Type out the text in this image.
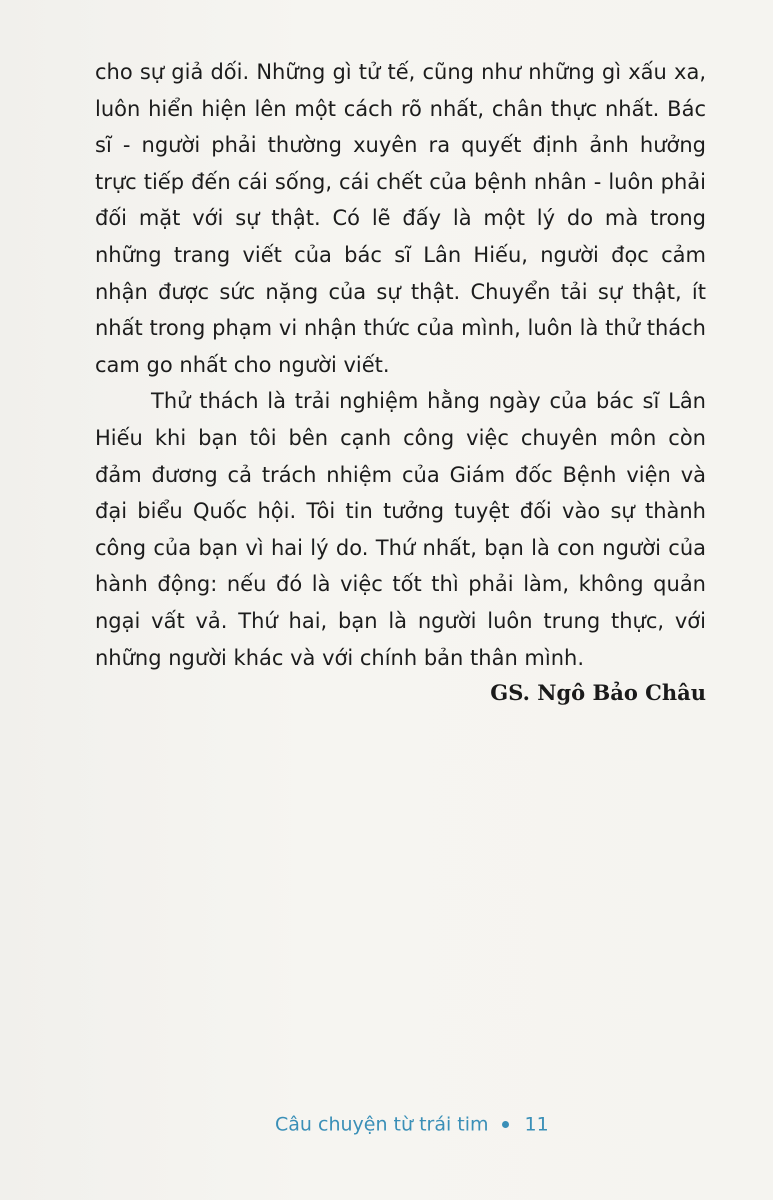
cho sự giả dối. Những gì tử tế, cũng như những gì xấu xa, luôn hiển hiện lên một cách rõ nhất, chân thực nhất. Bác sĩ - người phải thường xuyên ra quyết định ảnh hưởng trực tiếp đến cái sống, cái chết của bệnh nhân - luôn phải đối mặt với sự thật. Có lẽ đấy là một lý do mà trong những trang viết của bác sĩ Lân Hiếu, người đọc cảm nhận được sức nặng của sự thật. Chuyển tải sự thật, ít nhất trong phạm vi nhận thức của mình, luôn là thử thách cam go nhất cho người viết.

Thử thách là trải nghiệm hằng ngày của bác sĩ Lân Hiếu khi bạn tôi bên cạnh công việc chuyên môn còn đảm đương cả trách nhiệm của Giám đốc Bệnh viện và đại biểu Quốc hội. Tôi tin tưởng tuyệt đối vào sự thành công của bạn vì hai lý do. Thứ nhất, bạn là con người của hành động: nếu đó là việc tốt thì phải làm, không quản ngại vất vả. Thứ hai, bạn là người luôn trung thực, với những người khác và với chính bản thân mình.

GS. Ngô Bảo Châu
Câu chuyện từ trái tim 11
